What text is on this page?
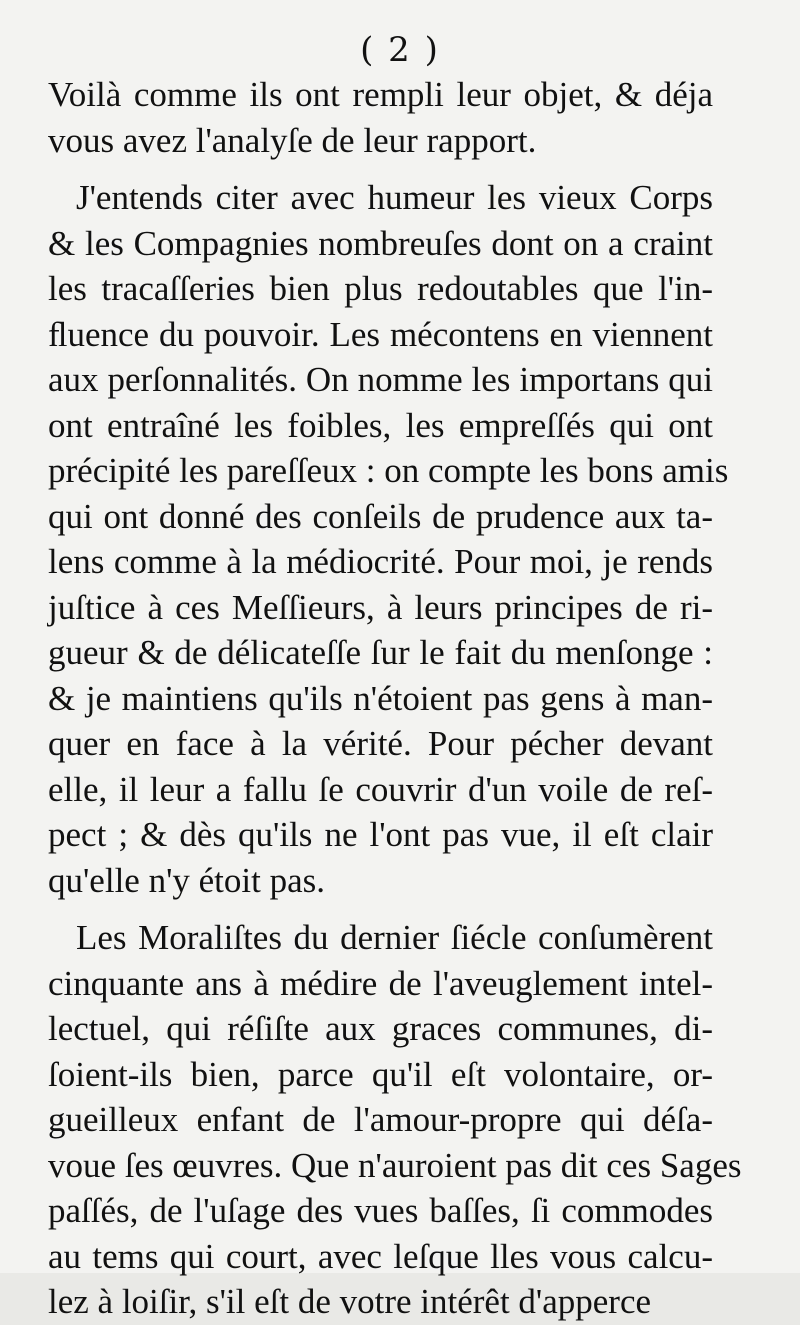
( 2 )
Voilà comme ils ont rempli leur objet, & déja
vous avez l'analyſe de leur rapport.
J'entends citer avec humeur les vieux Corps
& les Compagnies nombreuſes dont on a craint
les tracaſſeries bien plus redoutables que l'in-
ﬂuence du pouvoir. Les mécontens en viennent
aux perſonnalités. On nomme les importans qui
ont entraîné les foibles, les empreſſés qui ont
précipité les pareſſeux : on compte les bons amis
qui ont donné des conſeils de prudence aux ta-
lens comme à la médiocrité. Pour moi, je rends
juſtice à ces Meſſieurs, à leurs principes de ri-
gueur & de délicateſſe ſur le fait du menſonge :
& je maintiens qu'ils n'étoient pas gens à man-
quer en face à la vérité. Pour pécher devant
elle, il leur a fallu ſe couvrir d'un voile de reſ-
pect ; & dès qu'ils ne l'ont pas vue, il eſt clair
qu'elle n'y étoit pas.
Les Moraliſtes du dernier ſiécle conſumèrent
cinquante ans à médire de l'aveuglement intel-
lectuel, qui réſiſte aux graces communes, di-
ſoient-ils bien, parce qu'il eſt volontaire, or-
gueilleux enfant de l'amour-propre qui déſa-
voue ſes œuvres. Que n'auroient pas dit ces Sages
paſſés, de l'uſage des vues baſſes, ſi commodes
au tems qui court, avec leſque lles vous calcu-
lez à loiſir, s'il eſt de votre intérêt d'apperce
